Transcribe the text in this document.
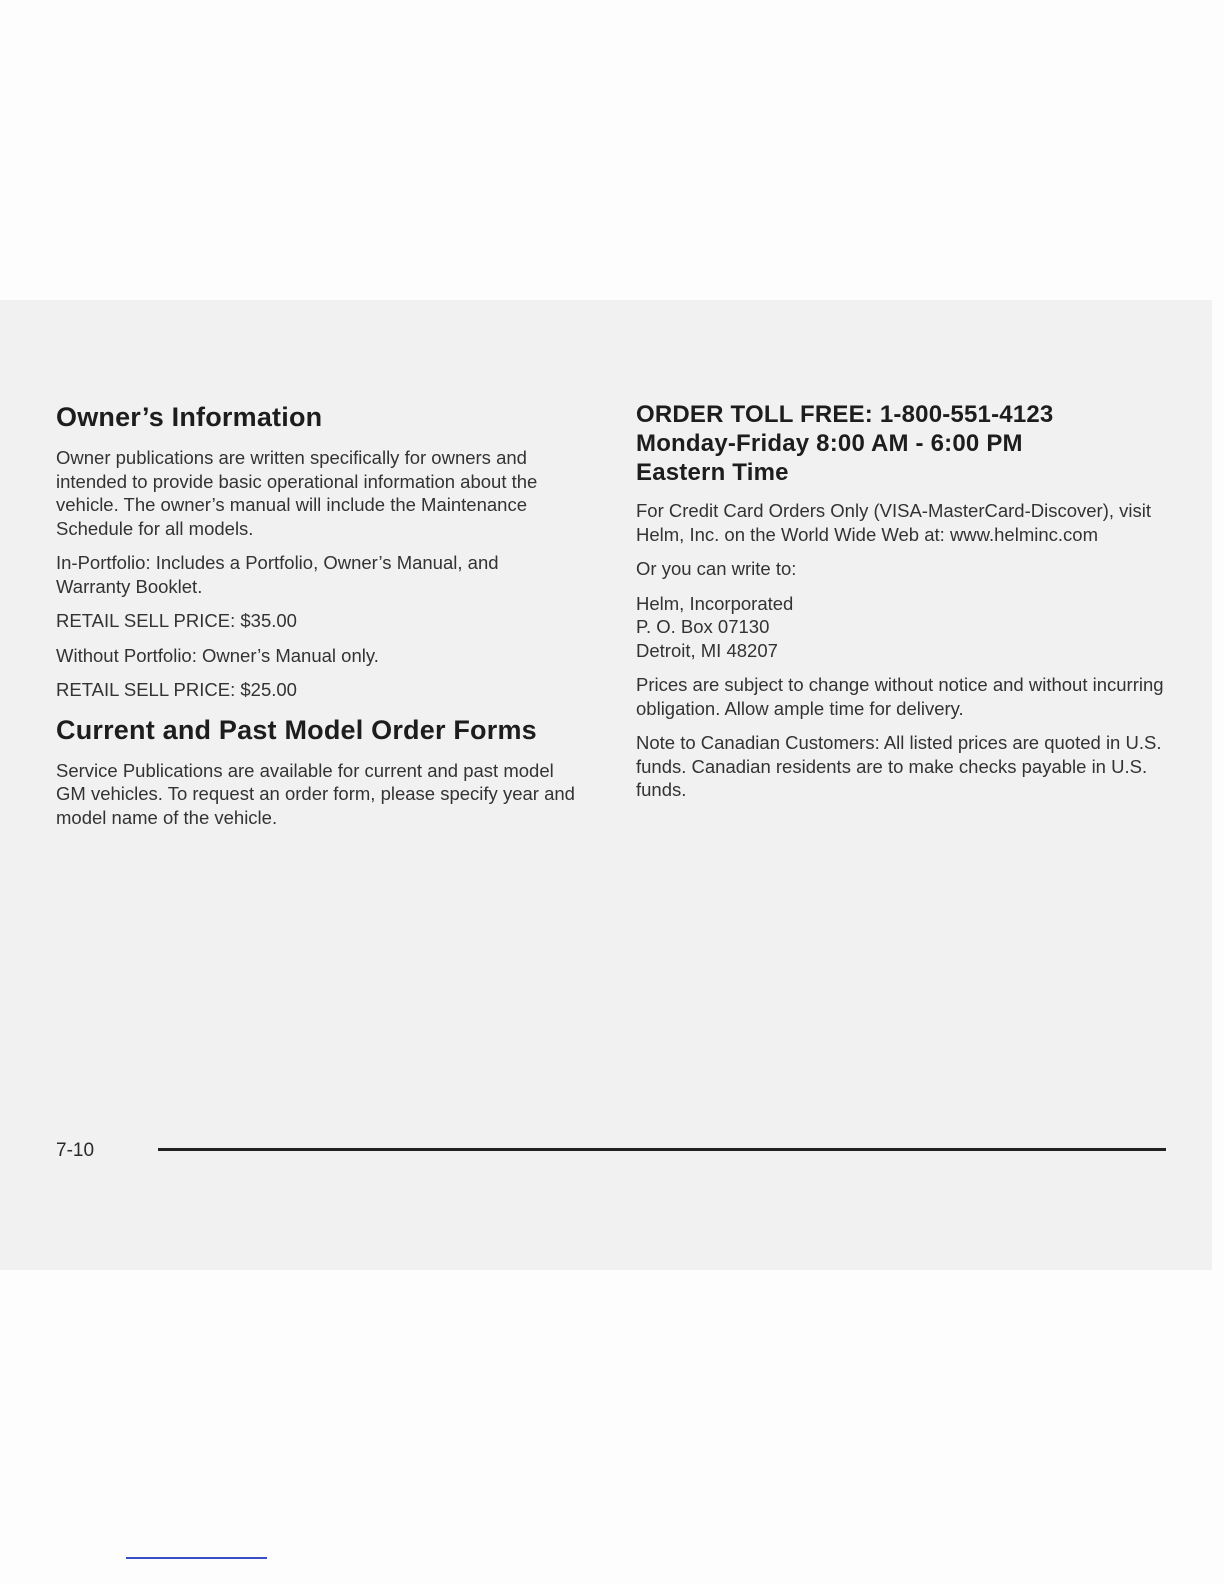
Owner’s Information

Owner publications are written specifically for owners and intended to provide basic operational information about the vehicle. The owner’s manual will include the Maintenance Schedule for all models.

In-Portfolio: Includes a Portfolio, Owner’s Manual, and Warranty Booklet.

RETAIL SELL PRICE: $35.00

Without Portfolio: Owner’s Manual only.

RETAIL SELL PRICE: $25.00

Current and Past Model Order Forms

Service Publications are available for current and past model GM vehicles. To request an order form, please specify year and model name of the vehicle.

ORDER TOLL FREE: 1-800-551-4123
Monday-Friday 8:00 AM - 6:00 PM
Eastern Time

For Credit Card Orders Only (VISA-MasterCard-Discover), visit Helm, Inc. on the World Wide Web at: www.helminc.com

Or you can write to:

Helm, Incorporated
P. O. Box 07130
Detroit, MI 48207

Prices are subject to change without notice and without incurring obligation. Allow ample time for delivery.

Note to Canadian Customers: All listed prices are quoted in U.S. funds. Canadian residents are to make checks payable in U.S. funds.

7-10
